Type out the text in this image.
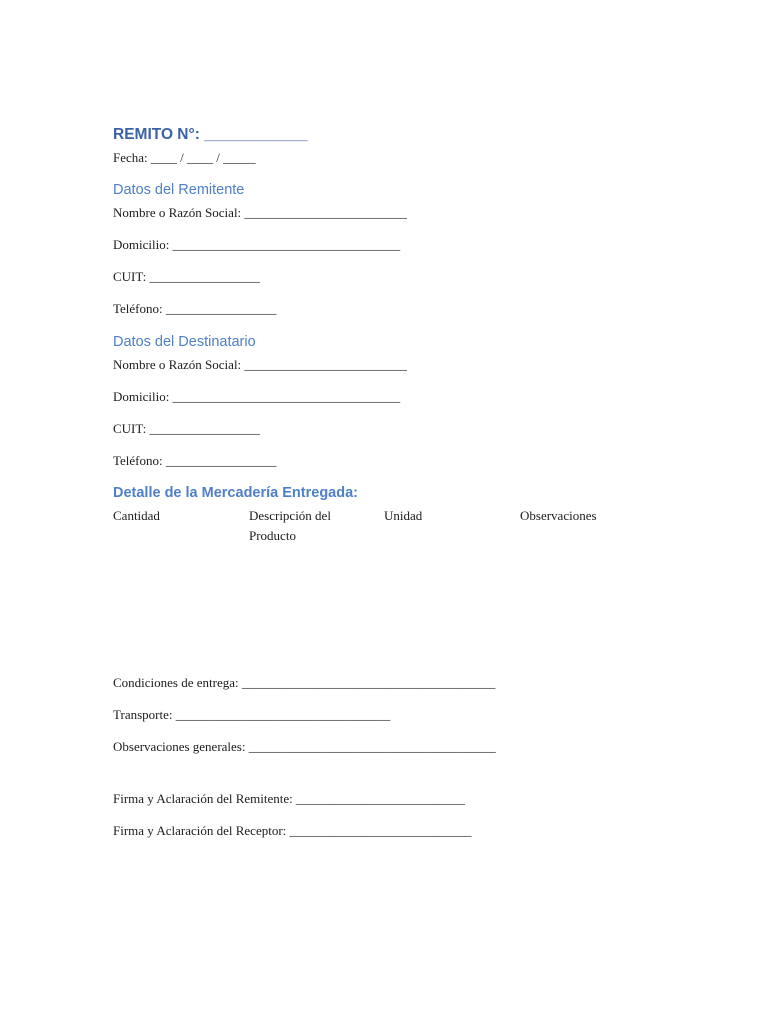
REMITO N°: ____________
Fecha: ____ / ____ / _____
Datos del Remitente
Nombre o Razón Social: _________________________
Domicilio: ___________________________________
CUIT: _________________
Teléfono: _________________
Datos del Destinatario
Nombre o Razón Social: _________________________
Domicilio: ___________________________________
CUIT: _________________
Teléfono: _________________
Detalle de la Mercadería Entregada:
Cantidad	Descripción del Producto
Unidad	Observaciones
Condiciones de entrega: _______________________________________
Transporte: _________________________________
Observaciones generales: ______________________________________
Firma y Aclaración del Remitente: __________________________
Firma y Aclaración del Receptor: ____________________________
